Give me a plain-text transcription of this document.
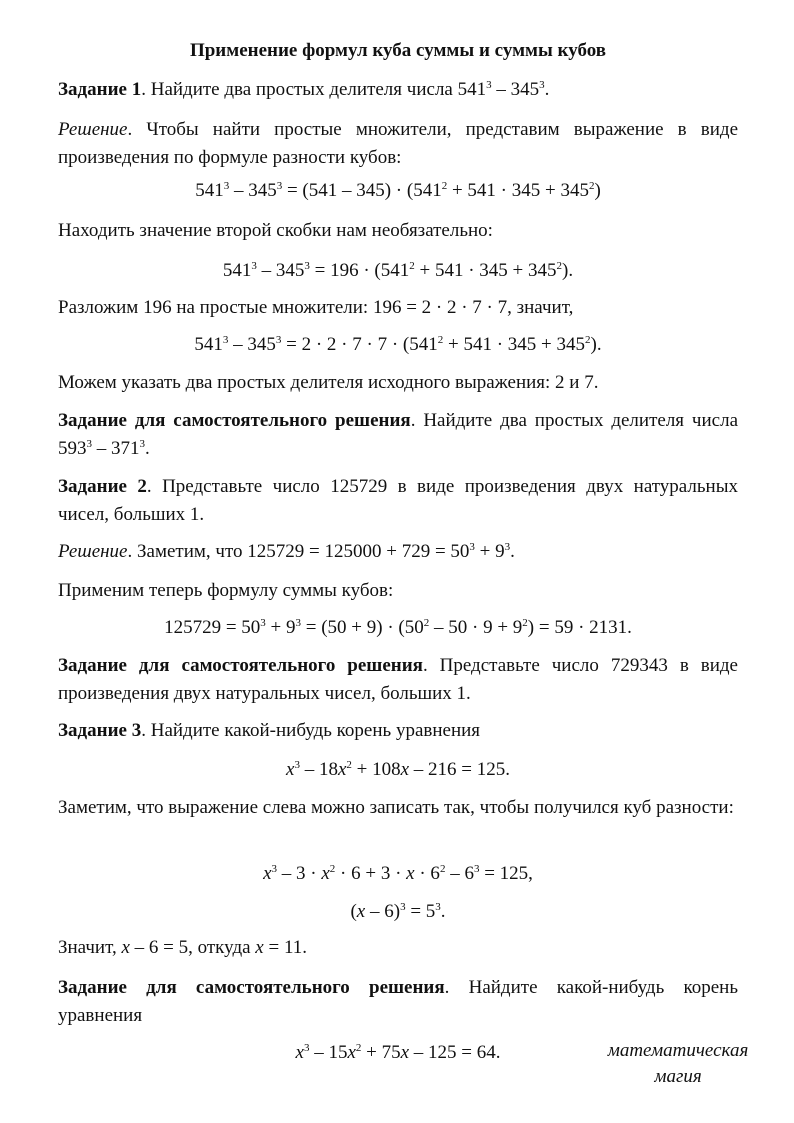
Применение формул куба суммы и суммы кубов
Задание 1. Найдите два простых делителя числа $541^3 - 345^3$.
Решение. Чтобы найти простые множители, представим выражение в виде произведения по формуле разности кубов:
$541^3 - 345^3 = (541 - 345) \cdot (541^2 + 541 \cdot 345 + 345^2)$
Находить значение второй скобки нам необязательно:
$541^3 - 345^3 = 196 \cdot (541^2 + 541 \cdot 345 + 345^2)$.
Разложим 196 на простые множители: 196 = 2 · 2 · 7 · 7, значит,
$541^3 - 345^3 = 2 \cdot 2 \cdot 7 \cdot 7 \cdot (541^2 + 541 \cdot 345 + 345^2)$.
Можем указать два простых делителя исходного выражения: 2 и 7.
Задание для самостоятельного решения. Найдите два простых делителя числа $593^3 - 371^3$.
Задание 2. Представьте число 125729 в виде произведения двух натуральных чисел, больших 1.
Решение. Заметим, что $125729 = 125000 + 729 = 50^3 + 9^3$.
Применим теперь формулу суммы кубов:
$125729 = 50^3 + 9^3 = (50 + 9) \cdot (50^2 - 50 \cdot 9 + 9^2) = 59 \cdot 2131$.
Задание для самостоятельного решения. Представьте число 729343 в виде произведения двух натуральных чисел, больших 1.
Задание 3. Найдите какой-нибудь корень уравнения
$x^3 - 18x^2 + 108x - 216 = 125$.
Заметим, что выражение слева можно записать так, чтобы получился куб разности:
$x^3 - 3 \cdot x^2 \cdot 6 + 3 \cdot x \cdot 6^2 - 6^3 = 125$,
$(x - 6)^3 = 5^3$.
Значит, x – 6 = 5, откуда x = 11.
Задание для самостоятельного решения. Найдите какой-нибудь корень уравнения
$x^3 - 15x^2 + 75x - 125 = 64$.	математическая
магия
